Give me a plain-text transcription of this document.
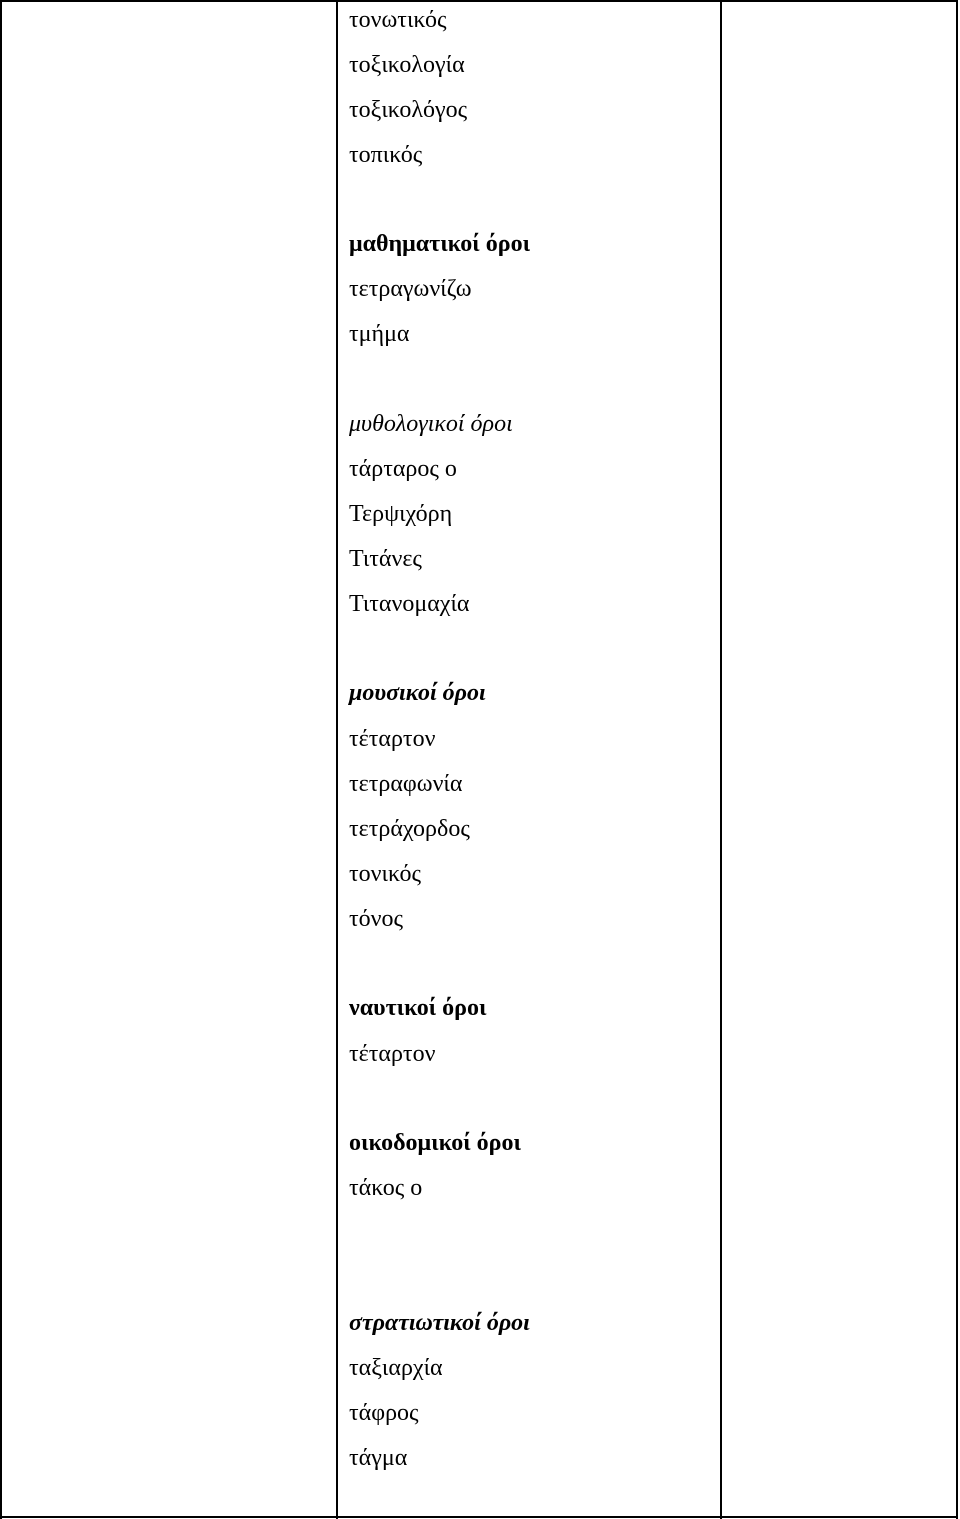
τονωτικός
τοξικολογία
τοξικολόγος
τοπικός
μαθηματικοί όροι
τετραγωνίζω
τμήμα
μυθολογικοί όροι
τάρταρος ο
Τερψιχόρη
Τιτάνες
Τιτανομαχία
μουσικοί όροι
τέταρτον
τετραφωνία
τετράχορδος
τονικός
τόνος
ναυτικοί όροι
τέταρτον
οικοδομικοί όροι
τάκος ο
στρατιωτικοί όροι
ταξιαρχία
τάφρος
τάγμα
